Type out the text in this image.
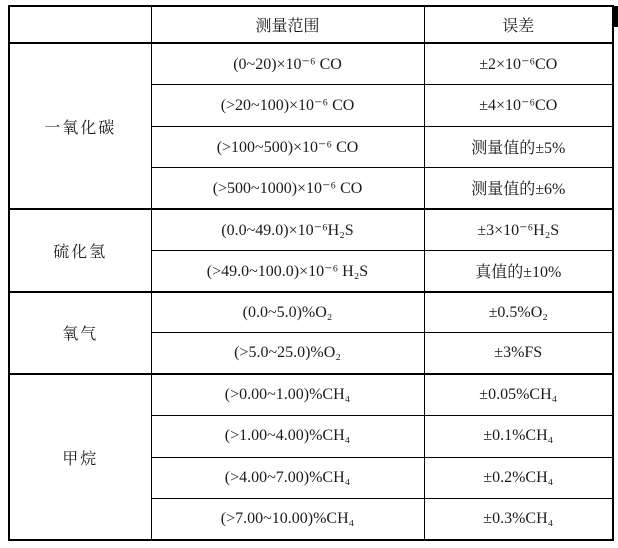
	测量范围	误差
一氧化碳	(0~20)×10⁻⁶ CO	±2×10⁻⁶CO
	(>20~100)×10⁻⁶ CO	±4×10⁻⁶CO
	(>100~500)×10⁻⁶ CO	测量值的±5%
	(>500~1000)×10⁻⁶ CO	测量值的±6%
硫化氢	(0.0~49.0)×10⁻⁶H₂S	±3×10⁻⁶H₂S
	(>49.0~100.0)×10⁻⁶ H₂S	真值的±10%
氧气	(0.0~5.0)%O₂	±0.5%O₂
	(>5.0~25.0)%O₂	±3%FS
甲烷	(>0.00~1.00)%CH₄	±0.05%CH₄
	(>1.00~4.00)%CH₄	±0.1%CH₄
	(>4.00~7.00)%CH₄	±0.2%CH₄
	(>7.00~10.00)%CH₄	±0.3%CH₄
